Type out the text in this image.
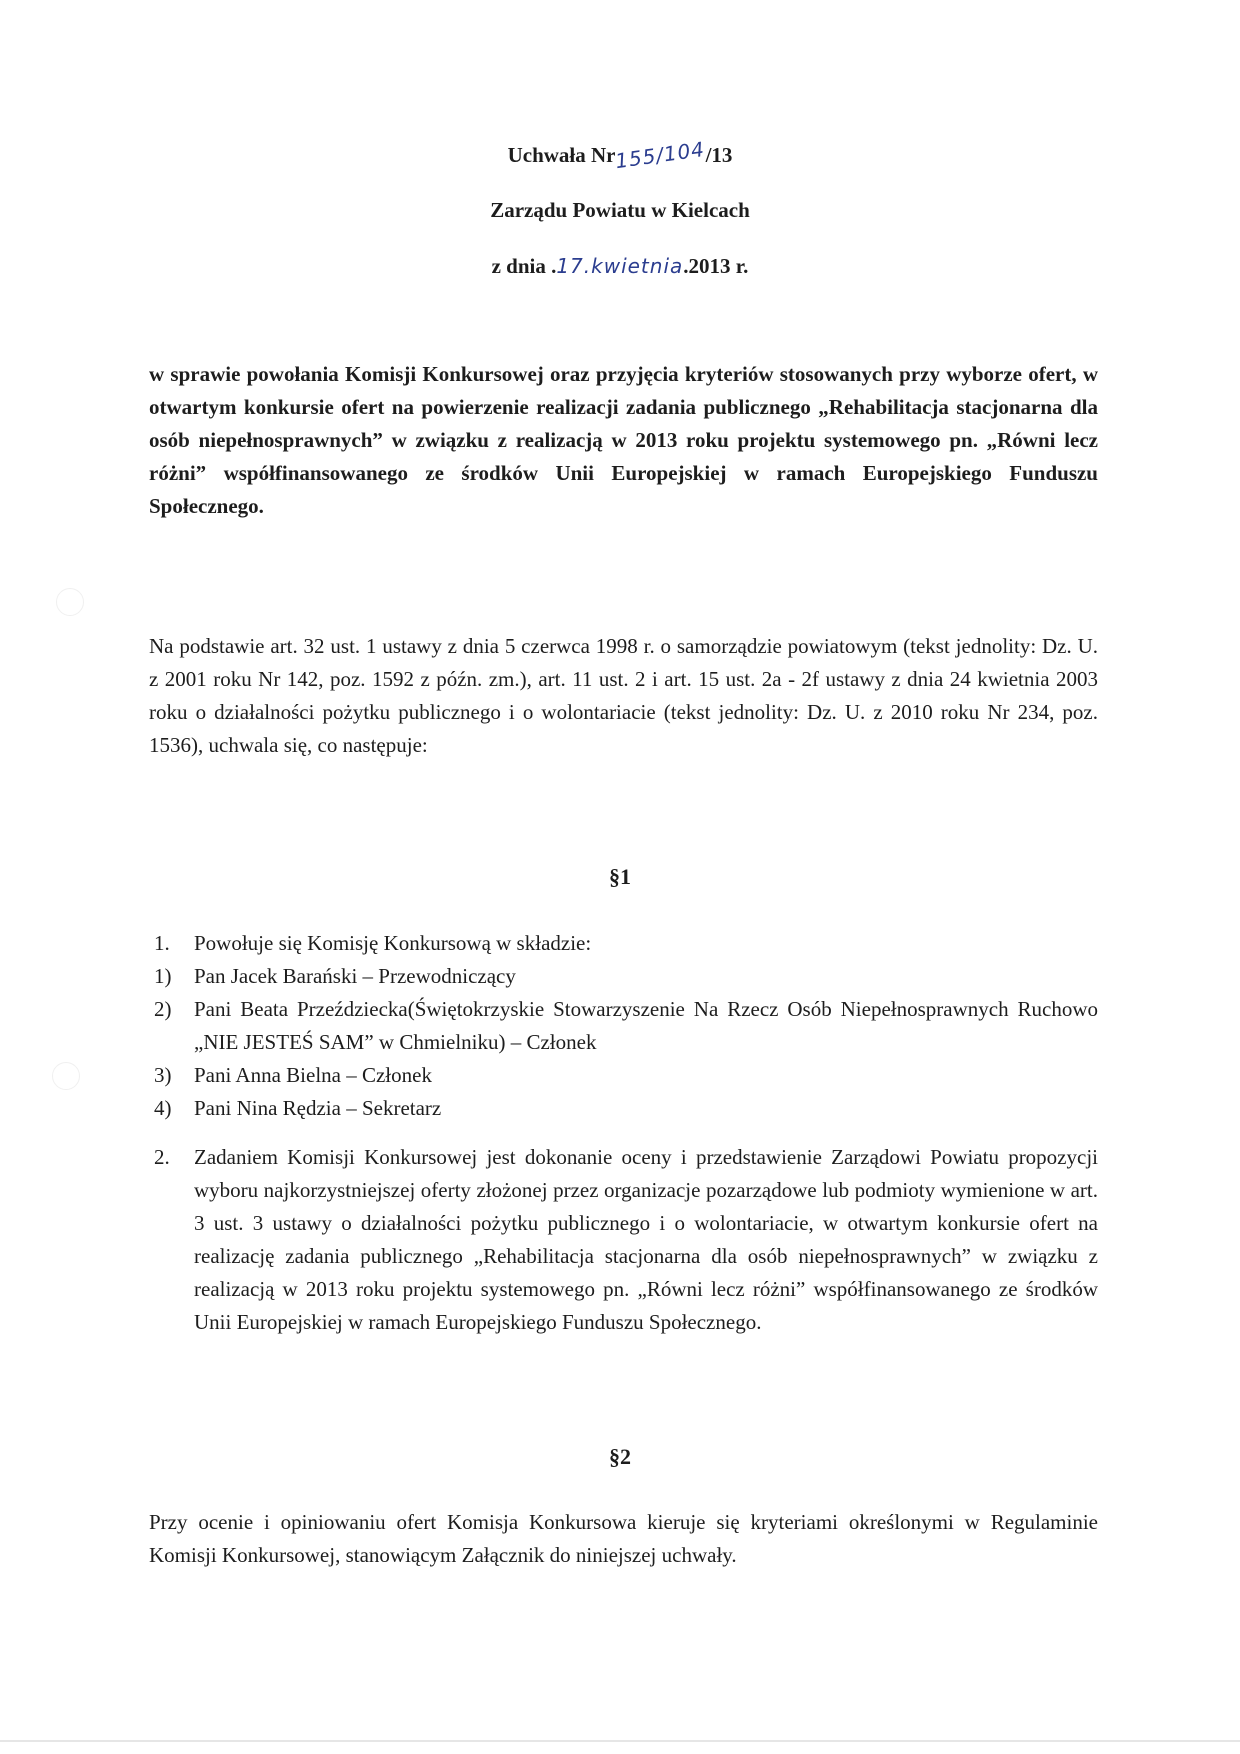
Uchwała Nr155/104/13
Zarządu Powiatu w Kielcach
z dnia .17.kwietnia.2013 r.
w sprawie powołania Komisji Konkursowej oraz przyjęcia kryteriów stosowanych przy wyborze ofert, w otwartym konkursie ofert na powierzenie realizacji zadania publicznego „Rehabilitacja stacjonarna dla osób niepełnosprawnych” w związku z realizacją w 2013 roku projektu systemowego pn. „Równi lecz różni” współfinansowanego ze środków Unii Europejskiej w ramach Europejskiego Funduszu Społecznego.
Na podstawie art. 32 ust. 1 ustawy z dnia 5 czerwca 1998 r. o samorządzie powiatowym (tekst jednolity: Dz. U. z 2001 roku Nr 142, poz. 1592 z późn. zm.), art. 11 ust. 2 i art. 15 ust. 2a - 2f ustawy z dnia 24 kwietnia 2003 roku o działalności pożytku publicznego i o wolontariacie (tekst jednolity: Dz. U. z 2010 roku Nr 234, poz. 1536), uchwala się, co następuje:
§1
1. Powołuje się Komisję Konkursową w składzie:
1) Pan Jacek Barański – Przewodniczący
2) Pani Beata Przeździecka(Świętokrzyskie Stowarzyszenie Na Rzecz Osób Niepełnosprawnych Ruchowo „NIE JESTEŚ SAM” w Chmielniku) – Członek
3) Pani Anna Bielna – Członek
4) Pani Nina Rędzia – Sekretarz
2. Zadaniem Komisji Konkursowej jest dokonanie oceny i przedstawienie Zarządowi Powiatu propozycji wyboru najkorzystniejszej oferty złożonej przez organizacje pozarządowe lub podmioty wymienione w art. 3 ust. 3 ustawy o działalności pożytku publicznego i o wolontariacie, w otwartym konkursie ofert na realizację zadania publicznego „Rehabilitacja stacjonarna dla osób niepełnosprawnych” w związku z realizacją w 2013 roku projektu systemowego pn. „Równi lecz różni” współfinansowanego ze środków Unii Europejskiej w ramach Europejskiego Funduszu Społecznego.
§2
Przy ocenie i opiniowaniu ofert Komisja Konkursowa kieruje się kryteriami określonymi w Regulaminie Komisji Konkursowej, stanowiącym Załącznik do niniejszej uchwały.
